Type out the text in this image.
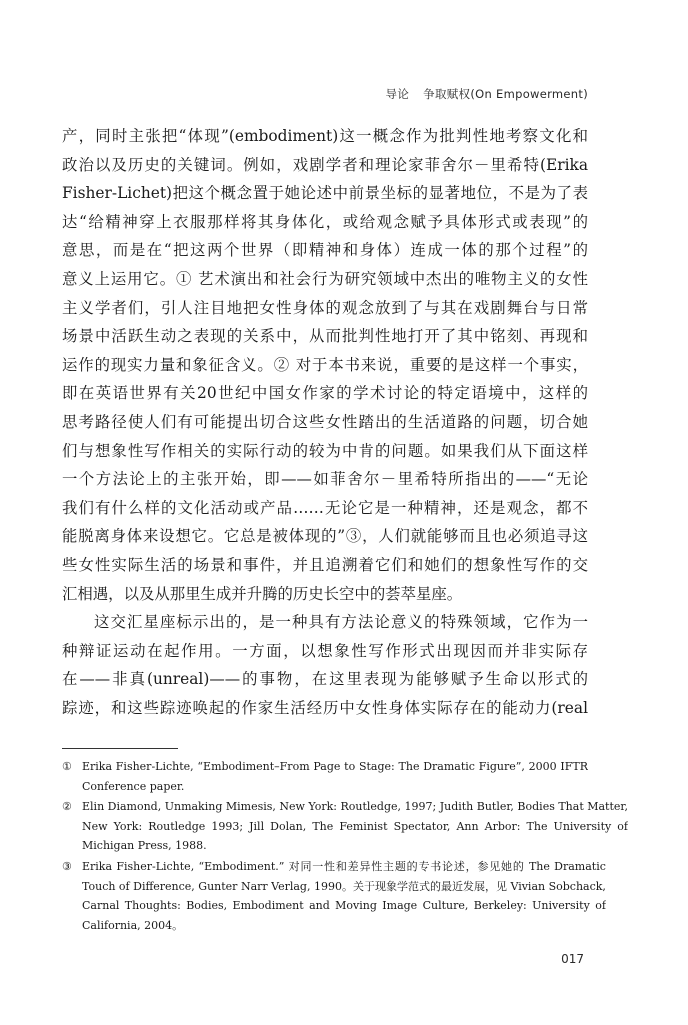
导论 争取赋权(On Empowerment)
产，同时主张把“体现”(embodiment)这一概念作为批判性地考察文化和
政治以及历史的关键词。例如，戏剧学者和理论家菲舍尔－里希特(Erika
Fisher-Lichet)把这个概念置于她论述中前景坐标的显著地位，不是为了表
达“给精神穿上衣服那样将其身体化，或给观念赋予具体形式或表现”的
意思，而是在“把这两个世界（即精神和身体）连成一体的那个过程”的
意义上运用它。① 艺术演出和社会行为研究领域中杰出的唯物主义的女性
主义学者们，引人注目地把女性身体的观念放到了与其在戏剧舞台与日常
场景中活跃生动之表现的关系中，从而批判性地打开了其中铭刻、再现和
运作的现实力量和象征含义。② 对于本书来说，重要的是这样一个事实，
即在英语世界有关20世纪中国女作家的学术讨论的特定语境中，这样的
思考路径使人们有可能提出切合这些女性踏出的生活道路的问题，切合她
们与想象性写作相关的实际行动的较为中肯的问题。如果我们从下面这样
一个方法论上的主张开始，即——如菲舍尔－里希特所指出的——“无论
我们有什么样的文化活动或产品……无论它是一种精神，还是观念，都不
能脱离身体来设想它。它总是被体现的”③，人们就能够而且也必须追寻这
些女性实际生活的场景和事件，并且追溯着它们和她们的想象性写作的交
汇相遇，以及从那里生成并升腾的历史长空中的荟萃星座。
这交汇星座标示出的，是一种具有方法论意义的特殊领域，它作为一
种辩证运动在起作用。一方面，以想象性写作形式出现因而并非实际存
在——非真(unreal)——的事物，在这里表现为能够赋予生命以形式的
踪迹，和这些踪迹唤起的作家生活经历中女性身体实际存在的能动力(real
① Erika Fisher-Lichte, “Embodiment–From Page to Stage: The Dramatic Figure”, 2000 IFTR
Conference paper.
② Elin Diamond, Unmaking Mimesis, New York: Routledge, 1997; Judith Butler, Bodies That Matter,
New York: Routledge 1993; Jill Dolan, The Feminist Spectator, Ann Arbor: The University of
Michigan Press, 1988.
③ Erika Fisher-Lichte, “Embodiment.” 对同一性和差异性主题的专书论述，参见她的 The Dramatic
Touch of Difference, Gunter Narr Verlag, 1990。关于现象学范式的最近发展，见 Vivian Sobchack,
Carnal Thoughts: Bodies, Embodiment and Moving Image Culture, Berkeley: University of
California, 2004。
017
